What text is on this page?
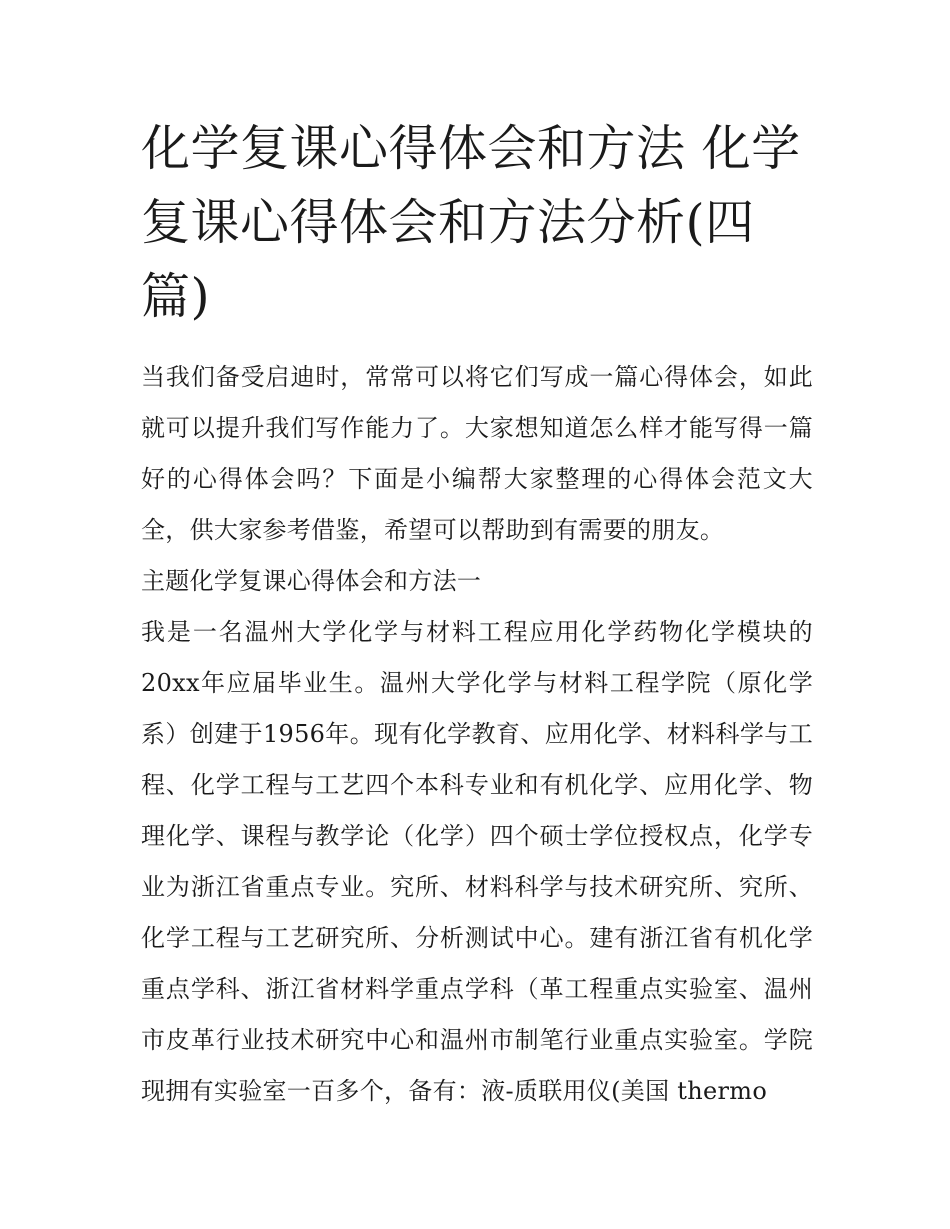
化学复课心得体会和方法 化学复课心得体会和方法分析(四篇)

当我们备受启迪时，常常可以将它们写成一篇心得体会，如此就可以提升我们写作能力了。大家想知道怎么样才能写得一篇好的心得体会吗？下面是小编帮大家整理的心得体会范文大全，供大家参考借鉴，希望可以帮助到有需要的朋友。

主题化学复课心得体会和方法一

我是一名温州大学化学与材料工程应用化学药物化学模块的20xx年应届毕业生。温州大学化学与材料工程学院（原化学系）创建于1956年。现有化学教育、应用化学、材料科学与工程、化学工程与工艺四个本科专业和有机化学、应用化学、物理化学、课程与教学论（化学）四个硕士学位授权点，化学专业为浙江省重点专业。究所、材料科学与技术研究所、究所、化学工程与工艺研究所、分析测试中心。建有浙江省有机化学重点学科、浙江省材料学重点学科（革工程重点实验室、温州市皮革行业技术研究中心和温州市制笔行业重点实验室。学院现拥有实验室一百多个，备有：液-质联用仪(美国 thermo
